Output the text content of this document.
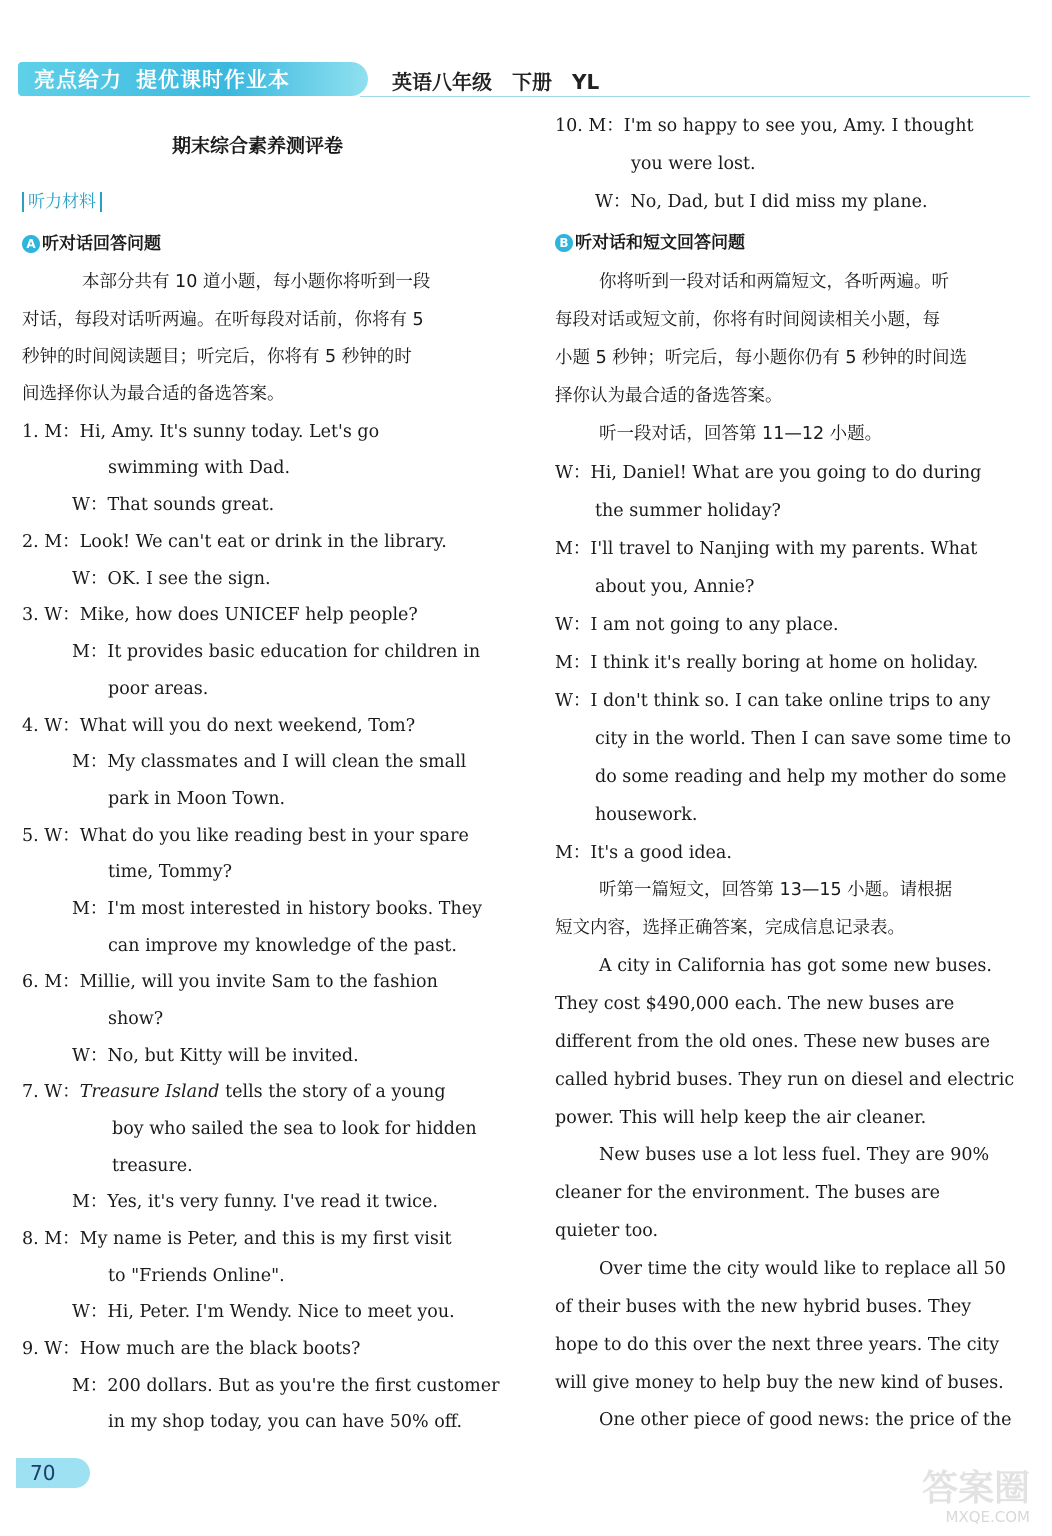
亮点给力 提优课时作业本	英语八年级 下册 YL
期末综合素养测评卷
听力材料
A 听对话回答问题
本部分共有 10 道小题，每小题你将听到一段
对话，每段对话听两遍。在听每段对话前，你将有 5
秒钟的时间阅读题目；听完后，你将有 5 秒钟的时
间选择你认为最合适的备选答案。
1. M：Hi, Amy. It's sunny today. Let's go
swimming with Dad.
W：That sounds great.
2. M：Look! We can't eat or drink in the library.
W：OK. I see the sign.
3. W：Mike, how does UNICEF help people?
M：It provides basic education for children in
poor areas.
4. W：What will you do next weekend, Tom?
M：My classmates and I will clean the small
park in Moon Town.
5. W：What do you like reading best in your spare
time, Tommy?
M：I'm most interested in history books. They
can improve my knowledge of the past.
6. M：Millie, will you invite Sam to the fashion
show?
W：No, but Kitty will be invited.
7. W：Treasure Island tells the story of a young
boy who sailed the sea to look for hidden
treasure.
M：Yes, it's very funny. I've read it twice.
8. M：My name is Peter, and this is my first visit
to "Friends Online".
W：Hi, Peter. I'm Wendy. Nice to meet you.
9. W：How much are the black boots?
M：200 dollars. But as you're the first customer
in my shop today, you can have 50% off.
10. M：I'm so happy to see you, Amy. I thought
you were lost.
W：No, Dad, but I did miss my plane.
B 听对话和短文回答问题
你将听到一段对话和两篇短文，各听两遍。听
每段对话或短文前，你将有时间阅读相关小题，每
小题 5 秒钟；听完后，每小题你仍有 5 秒钟的时间选
择你认为最合适的备选答案。
听一段对话，回答第 11—12 小题。
W：Hi, Daniel! What are you going to do during
the summer holiday?
M：I'll travel to Nanjing with my parents. What
about you, Annie?
W：I am not going to any place.
M：I think it's really boring at home on holiday.
W：I don't think so. I can take online trips to any
city in the world. Then I can save some time to
do some reading and help my mother do some
housework.
M：It's a good idea.
听第一篇短文，回答第 13—15 小题。请根据
短文内容，选择正确答案，完成信息记录表。
A city in California has got some new buses.
They cost $490,000 each. The new buses are
different from the old ones. These new buses are
called hybrid buses. They run on diesel and electric
power. This will help keep the air cleaner.
New buses use a lot less fuel. They are 90%
cleaner for the environment. The buses are
quieter too.
Over time the city would like to replace all 50
of their buses with the new hybrid buses. They
hope to do this over the next three years. The city
will give money to help buy the new kind of buses.
One other piece of good news: the price of the
70	答案圈
MXQE.COM
